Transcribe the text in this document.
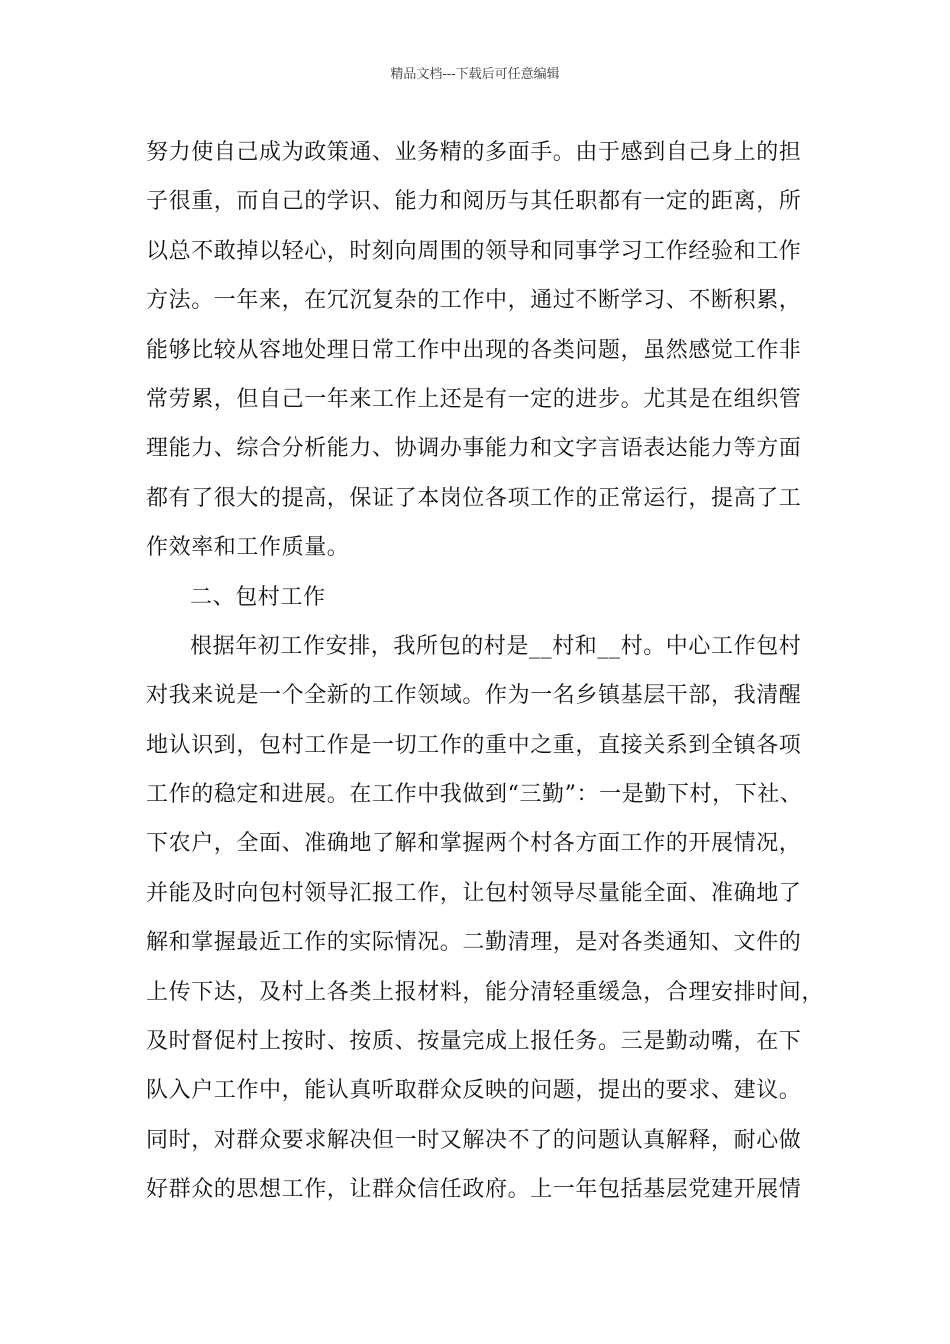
精品文档---下载后可任意编辑
努力使自己成为政策通、业务精的多面手。由于感到自己身上的担
子很重，而自己的学识、能力和阅历与其任职都有一定的距离，所
以总不敢掉以轻心，时刻向周围的领导和同事学习工作经验和工作
方法。一年来，在冗沉复杂的工作中，通过不断学习、不断积累，
能够比较从容地处理日常工作中出现的各类问题，虽然感觉工作非
常劳累，但自己一年来工作上还是有一定的进步。尤其是在组织管
理能力、综合分析能力、协调办事能力和文字言语表达能力等方面
都有了很大的提高，保证了本岗位各项工作的正常运行，提高了工
作效率和工作质量。
二、包村工作
根据年初工作安排，我所包的村是__村和__村。中心工作包村
对我来说是一个全新的工作领域。作为一名乡镇基层干部，我清醒
地认识到，包村工作是一切工作的重中之重，直接关系到全镇各项
工作的稳定和进展。在工作中我做到“三勤”：一是勤下村，下社、
下农户，全面、准确地了解和掌握两个村各方面工作的开展情况，
并能及时向包村领导汇报工作，让包村领导尽量能全面、准确地了
解和掌握最近工作的实际情况。二勤清理，是对各类通知、文件的
上传下达，及村上各类上报材料，能分清轻重缓急，合理安排时间，
及时督促村上按时、按质、按量完成上报任务。三是勤动嘴，在下
队入户工作中，能认真听取群众反映的问题，提出的要求、建议。
同时，对群众要求解决但一时又解决不了的问题认真解释，耐心做
好群众的思想工作，让群众信任政府。上一年包括基层党建开展情
